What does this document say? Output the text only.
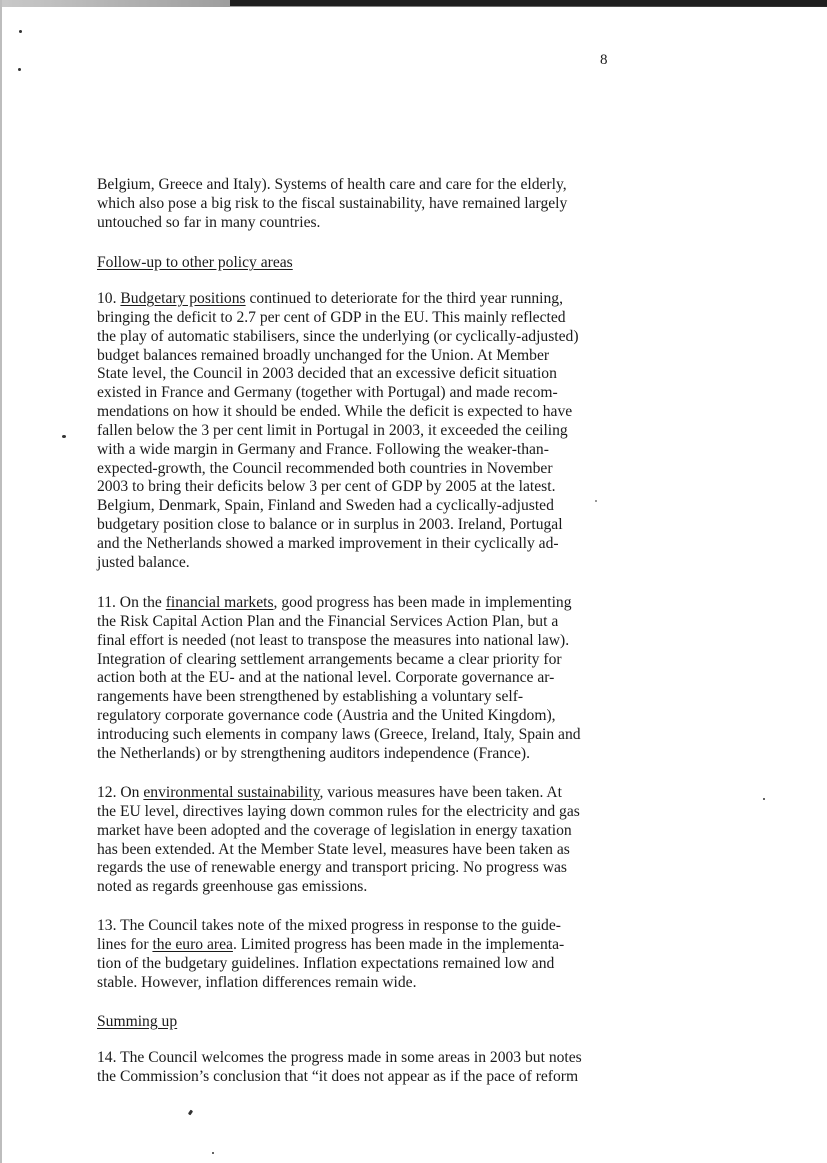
8

Belgium, Greece and Italy). Systems of health care and care for the elderly,
which also pose a big risk to the fiscal sustainability, have remained largely
untouched so far in many countries.

Follow-up to other policy areas

10. Budgetary positions continued to deteriorate for the third year running,
bringing the deficit to 2.7 per cent of GDP in the EU. This mainly reflected
the play of automatic stabilisers, since the underlying (or cyclically-adjusted)
budget balances remained broadly unchanged for the Union. At Member
State level, the Council in 2003 decided that an excessive deficit situation
existed in France and Germany (together with Portugal) and made recom-
mendations on how it should be ended. While the deficit is expected to have
fallen below the 3 per cent limit in Portugal in 2003, it exceeded the ceiling
with a wide margin in Germany and France. Following the weaker-than-
expected-growth, the Council recommended both countries in November
2003 to bring their deficits below 3 per cent of GDP by 2005 at the latest.
Belgium, Denmark, Spain, Finland and Sweden had a cyclically-adjusted
budgetary position close to balance or in surplus in 2003. Ireland, Portugal
and the Netherlands showed a marked improvement in their cyclically ad-
justed balance.

11. On the financial markets, good progress has been made in implementing
the Risk Capital Action Plan and the Financial Services Action Plan, but a
final effort is needed (not least to transpose the measures into national law).
Integration of clearing settlement arrangements became a clear priority for
action both at the EU- and at the national level. Corporate governance ar-
rangements have been strengthened by establishing a voluntary self-
regulatory corporate governance code (Austria and the United Kingdom),
introducing such elements in company laws (Greece, Ireland, Italy, Spain and
the Netherlands) or by strengthening auditors independence (France).

12. On environmental sustainability, various measures have been taken. At
the EU level, directives laying down common rules for the electricity and gas
market have been adopted and the coverage of legislation in energy taxation
has been extended. At the Member State level, measures have been taken as
regards the use of renewable energy and transport pricing. No progress was
noted as regards greenhouse gas emissions.

13. The Council takes note of the mixed progress in response to the guide-
lines for the euro area. Limited progress has been made in the implementa-
tion of the budgetary guidelines. Inflation expectations remained low and
stable. However, inflation differences remain wide.

Summing up

14. The Council welcomes the progress made in some areas in 2003 but notes
the Commission’s conclusion that “it does not appear as if the pace of reform
